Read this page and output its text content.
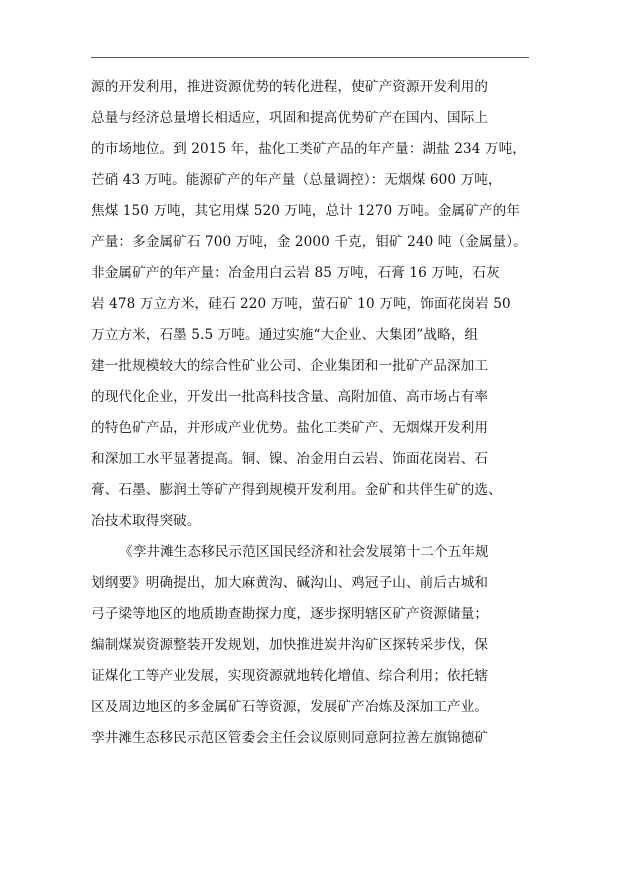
源的开发利用，推进资源优势的转化进程，使矿产资源开发利用的
总量与经济总量增长相适应，巩固和提高优势矿产在国内、国际上
的市场地位。到 2015 年，盐化工类矿产品的年产量：湖盐 234 万吨，
芒硝 43 万吨。能源矿产的年产量（总量调控）：无烟煤 600 万吨，
焦煤 150 万吨，其它用煤 520 万吨，总计 1270 万吨。金属矿产的年
产量：多金属矿石 700 万吨，金 2000 千克，钼矿 240 吨（金属量）。
非金属矿产的年产量：冶金用白云岩 85 万吨，石膏 16 万吨，石灰
岩 478 万立方米，硅石 220 万吨，萤石矿 10 万吨，饰面花岗岩 50
万立方米，石墨 5.5 万吨。通过实施“大企业、大集团”战略，组
建一批规模较大的综合性矿业公司、企业集团和一批矿产品深加工
的现代化企业，开发出一批高科技含量、高附加值、高市场占有率
的特色矿产品，并形成产业优势。盐化工类矿产、无烟煤开发利用
和深加工水平显著提高。铜、镍、冶金用白云岩、饰面花岗岩、石
膏、石墨、膨润土等矿产得到规模开发利用。金矿和共伴生矿的选、
冶技术取得突破。
《孪井滩生态移民示范区国民经济和社会发展第十二个五年规
划纲要》明确提出，加大麻黄沟、碱沟山、鸡冠子山、前后古城和
弓子梁等地区的地质勘查勘探力度，逐步探明辖区矿产资源储量；
编制煤炭资源整装开发规划，加快推进炭井沟矿区探转采步伐，保
证煤化工等产业发展，实现资源就地转化增值、综合利用；依托辖
区及周边地区的多金属矿石等资源，发展矿产冶炼及深加工产业。
孪井滩生态移民示范区管委会主任会议原则同意阿拉善左旗锦德矿
